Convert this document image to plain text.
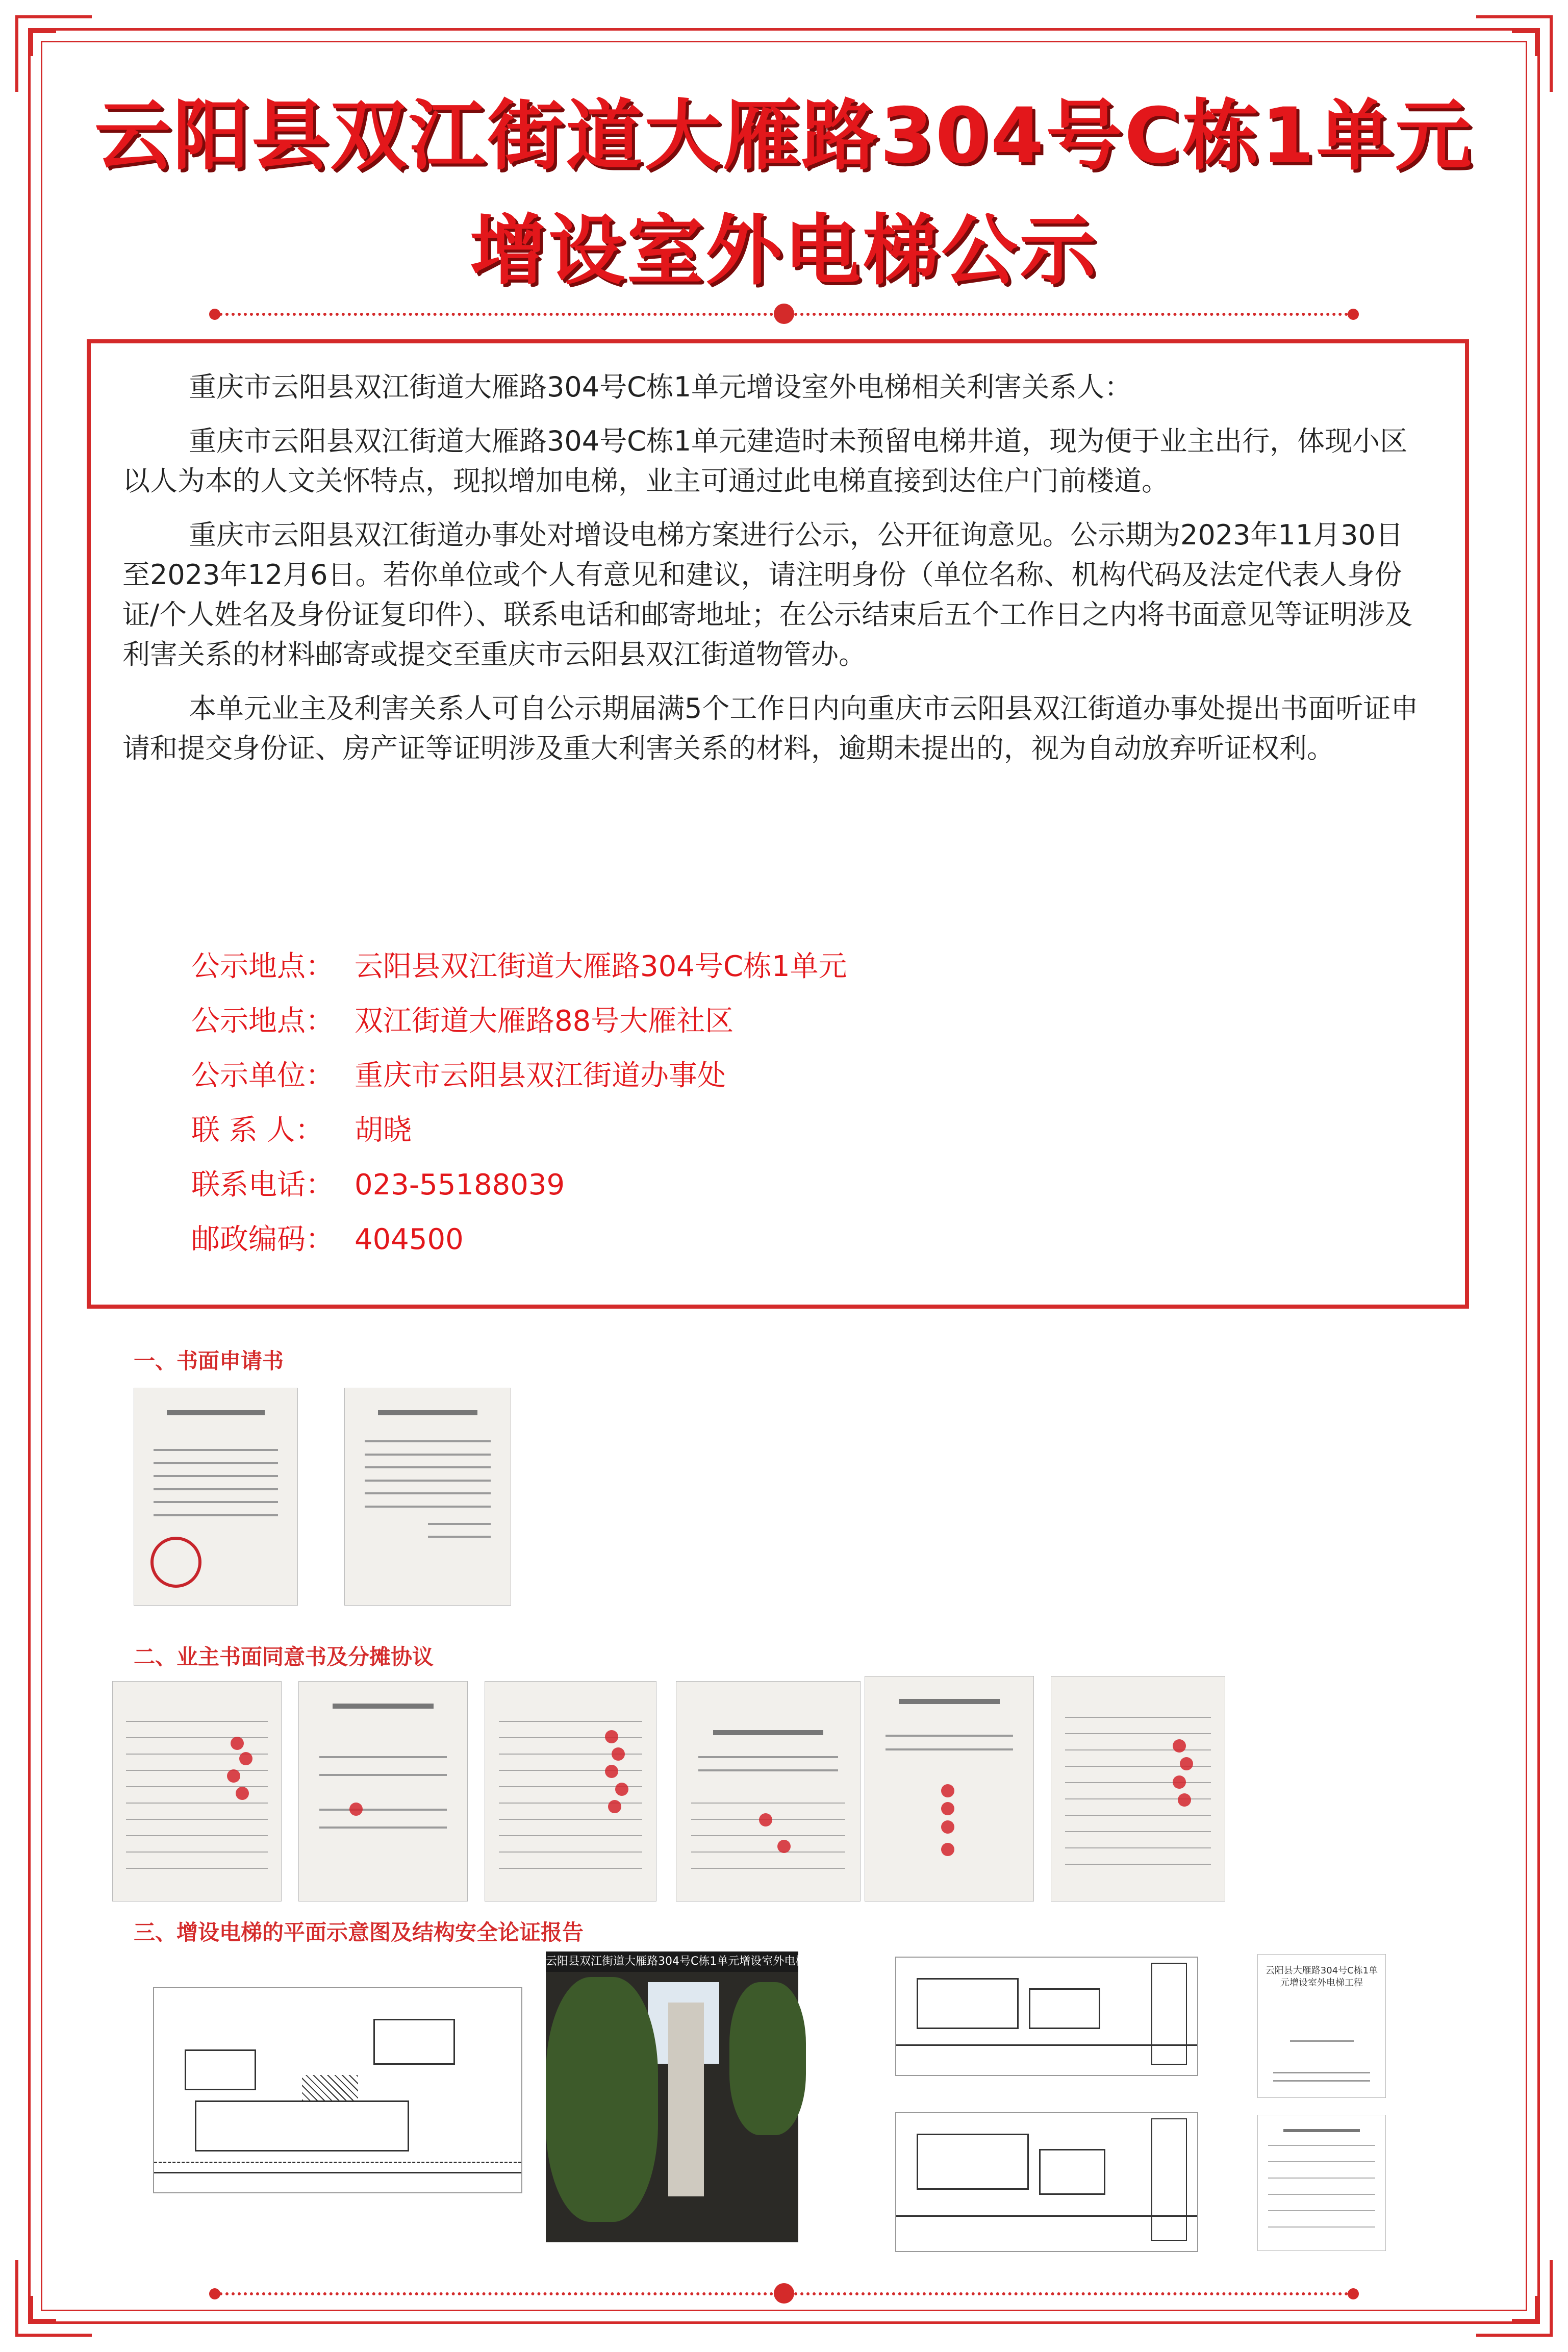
云阳县双江街道大雁路304号C栋1单元
增设室外电梯公示

重庆市云阳县双江街道大雁路304号C栋1单元增设室外电梯相关利害关系人：

重庆市云阳县双江街道大雁路304号C栋1单元建造时未预留电梯井道，现为便于业主出行，体现小区以人为本的人文关怀特点，现拟增加电梯，业主可通过此电梯直接到达住户门前楼道。

重庆市云阳县双江街道办事处对增设电梯方案进行公示，公开征询意见。公示期为2023年11月30日至2023年12月6日。若你单位或个人有意见和建议，请注明身份（单位名称、机构代码及法定代表人身份证/个人姓名及身份证复印件）、联系电话和邮寄地址；在公示结束后五个工作日之内将书面意见等证明涉及利害关系的材料邮寄或提交至重庆市云阳县双江街道物管办。

本单元业主及利害关系人可自公示期届满5个工作日内向重庆市云阳县双江街道办事处提出书面听证申请和提交身份证、房产证等证明涉及重大利害关系的材料，逾期未提出的，视为自动放弃听证权利。

公示地点： 云阳县双江街道大雁路304号C栋1单元
公示地点： 双江街道大雁路88号大雁社区
公示单位： 重庆市云阳县双江街道办事处
联 系 人： 胡晓
联系电话： 023-55188039
邮政编码： 404500
一、书面申请书
二、业主书面同意书及分摊协议
三、增设电梯的平面示意图及结构安全论证报告
云阳县双江街道大雁路304号C栋1单元增设室外电梯效果图
云阳县大雁路304号C栋1单元增设室外电梯工程
